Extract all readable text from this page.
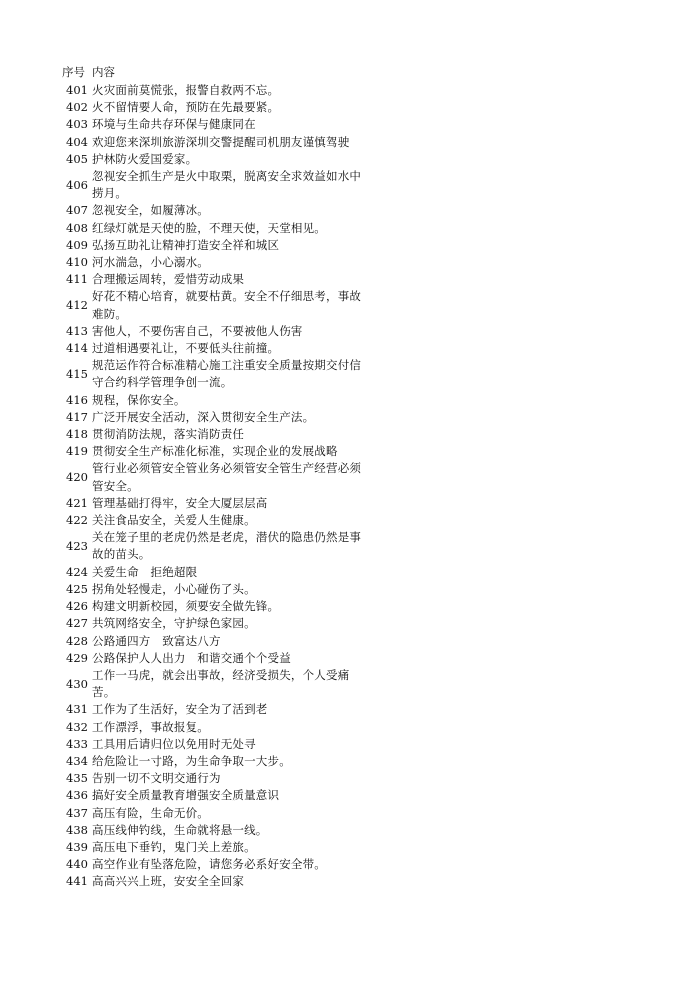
序号 内容
401 火灾面前莫慌张，报警自救两不忘。
402 火不留情要人命，预防在先最要紧。
403 环境与生命共存环保与健康同在
404 欢迎您来深圳旅游深圳交警提醒司机朋友谨慎驾驶
405 护林防火爱国爱家。
406
忽视安全抓生产是火中取栗，脱离安全求效益如水中捞月。
407 忽视安全，如履薄冰。
408 红绿灯就是天使的脸，不理天使，天堂相见。
409 弘扬互助礼让精神打造安全祥和城区
410 河水湍急，小心溺水。
411 合理搬运周转，爱惜劳动成果
412
好花不精心培育，就要枯黄。安全不仔细思考，事故难防。
413 害他人，不要伤害自己，不要被他人伤害
414 过道相遇要礼让，不要低头往前撞。
415
规范运作符合标准精心施工注重安全质量按期交付信守合约科学管理争创一流。
416 规程，保你安全。
417 广泛开展安全活动，深入贯彻安全生产法。
418 贯彻消防法规，落实消防责任
419 贯彻安全生产标准化标准，实现企业的发展战略
420
管行业必须管安全管业务必须管安全管生产经营必须管安全。
421 管理基础打得牢，安全大厦层层高
422 关注食品安全，关爱人生健康。
423
关在笼子里的老虎仍然是老虎，潜伏的隐患仍然是事故的苗头。
424 关爱生命　拒绝超限
425 拐角处轻慢走，小心碰伤了头。
426 构建文明新校园，须要安全做先锋。
427 共筑网络安全，守护绿色家园。
428 公路通四方　致富达八方
429 公路保护人人出力　和谐交通个个受益
430
工作一马虎，就会出事故，经济受损失，个人受痛苦。
431 工作为了生活好，安全为了活到老
432 工作漂浮，事故报复。
433 工具用后请归位以免用时无处寻
434 给危险让一寸路，为生命争取一大步。
435 告别一切不文明交通行为
436 搞好安全质量教育增强安全质量意识
437 高压有险，生命无价。
438 高压线伸钓线，生命就将悬一线。
439 高压电下垂钓，鬼门关上差旅。
440 高空作业有坠落危险，请您务必系好安全带。
441 高高兴兴上班，安安全全回家
